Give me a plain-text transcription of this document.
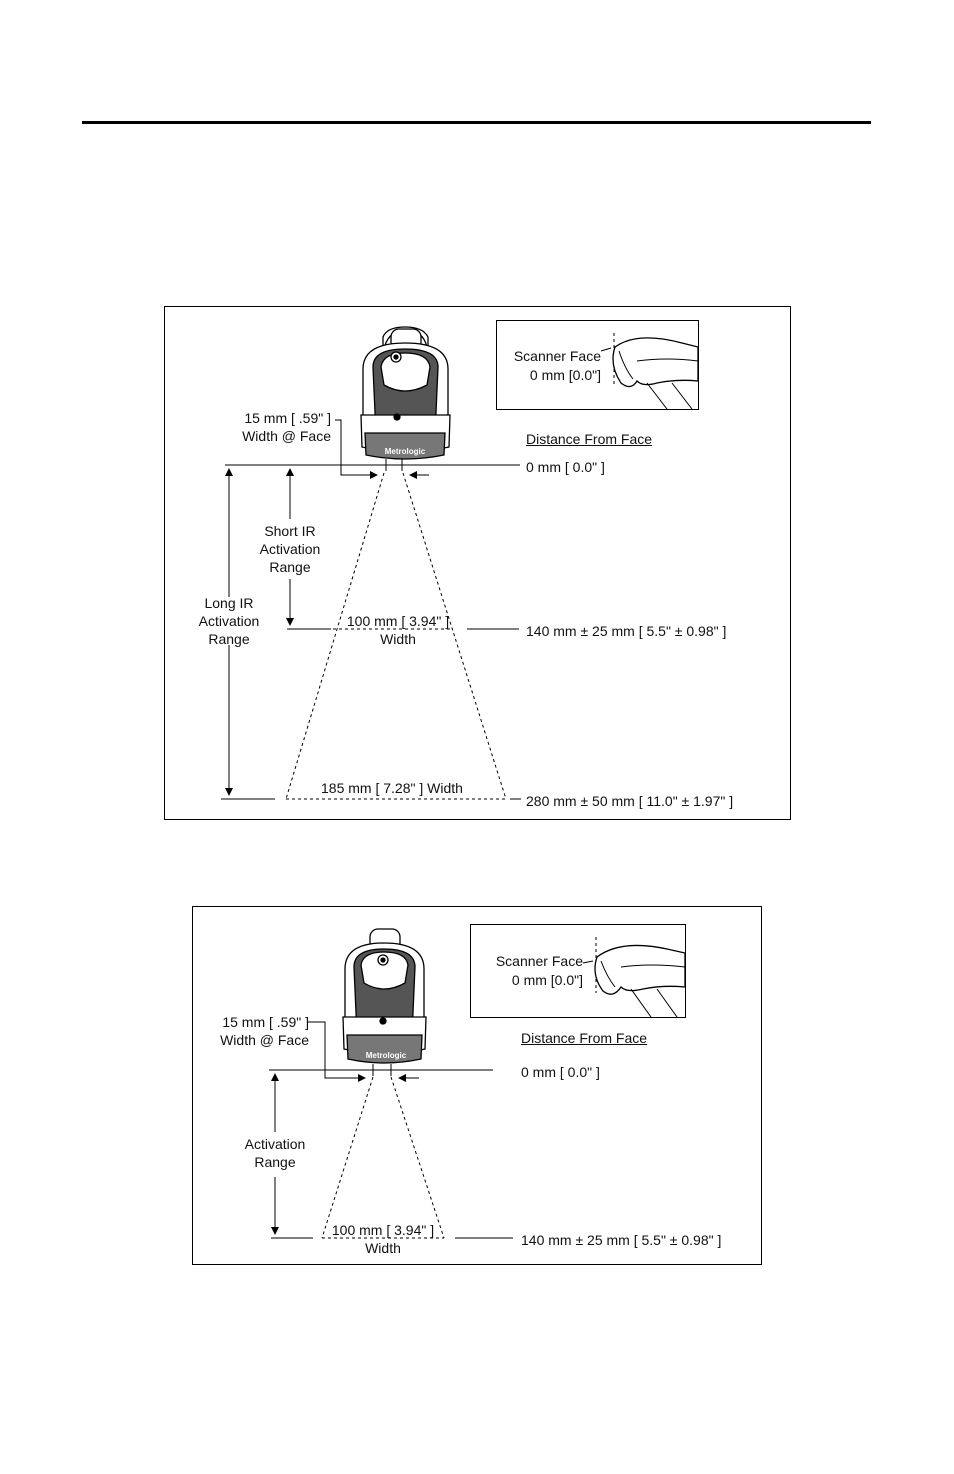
Metrologic
Scanner Face
0 mm [0.0"]
Distance From Face
15 mm [ .59" ]
Width @ Face
0 mm [ 0.0" ]
140 mm ± 25 mm [ 5.5" ± 0.98" ]
280 mm ± 50 mm [ 11.0" ± 1.97" ]
Short IR
Activation
Range
Long IR
Activation
Range
100 mm [ 3.94" ]
Width
185 mm [ 7.28" ] Width
Metrologic
Scanner Face
0 mm [0.0"]
Distance From Face
15 mm [ .59" ]
Width @ Face
0 mm [ 0.0" ]
140 mm ± 25 mm [ 5.5" ± 0.98" ]
Activation
Range
100 mm [ 3.94" ]
Width
